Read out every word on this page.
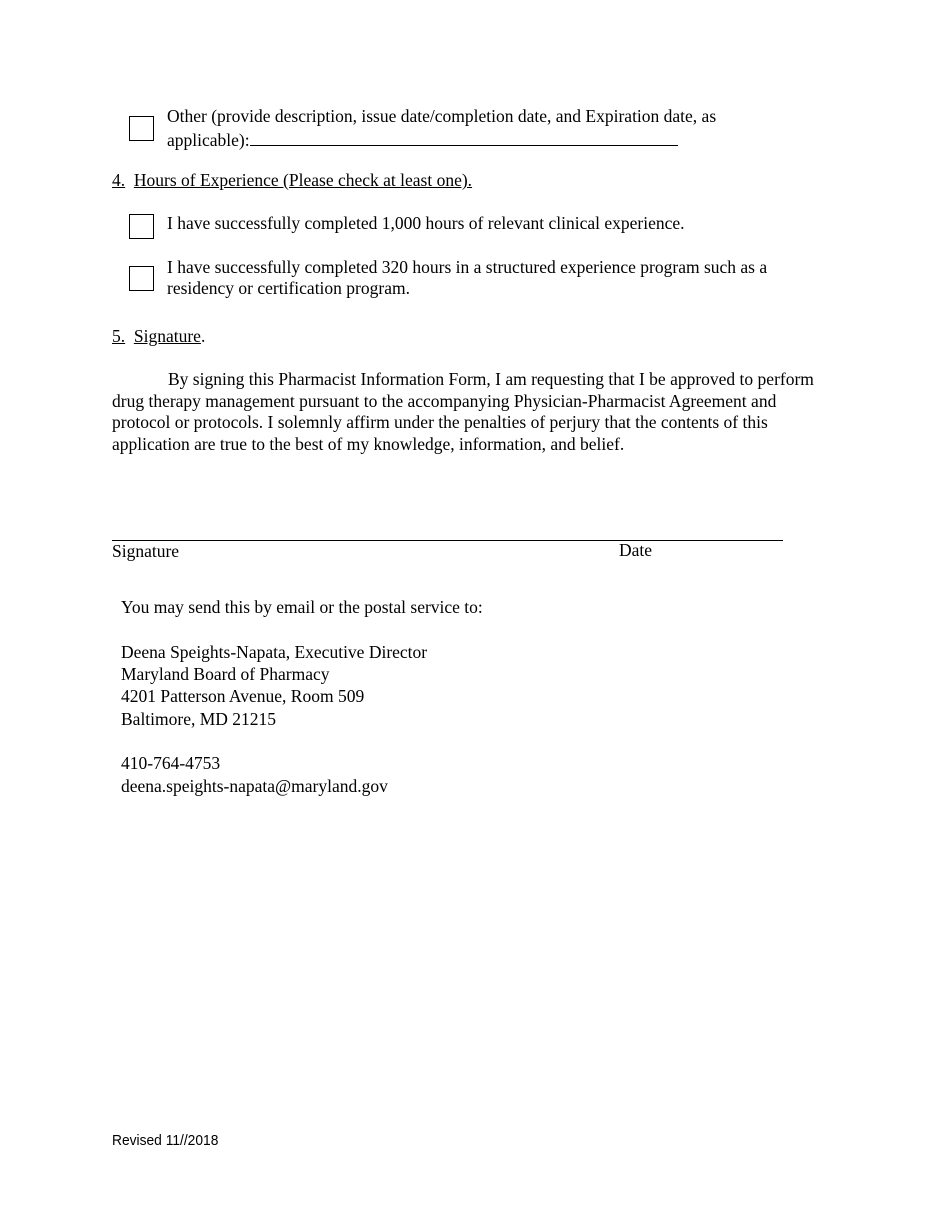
Other (provide description, issue date/completion date, and Expiration date, as
applicable):
4. Hours of Experience (Please check at least one).
I have successfully completed 1,000 hours of relevant clinical experience.
I have successfully completed 320 hours in a structured experience program such as a
residency or certification program.
5. Signature.
By signing this Pharmacist Information Form, I am requesting that I be approved to perform drug therapy management pursuant to the accompanying Physician-Pharmacist Agreement and protocol or protocols. I solemnly affirm under the penalties of perjury that the contents of this application are true to the best of my knowledge, information, and belief.
Signature	Date
You may send this by email or the postal service to:
Deena Speights-Napata, Executive Director
Maryland Board of Pharmacy
4201 Patterson Avenue, Room 509
Baltimore, MD 21215
410-764-4753
deena.speights-napata@maryland.gov
Revised 11//2018
